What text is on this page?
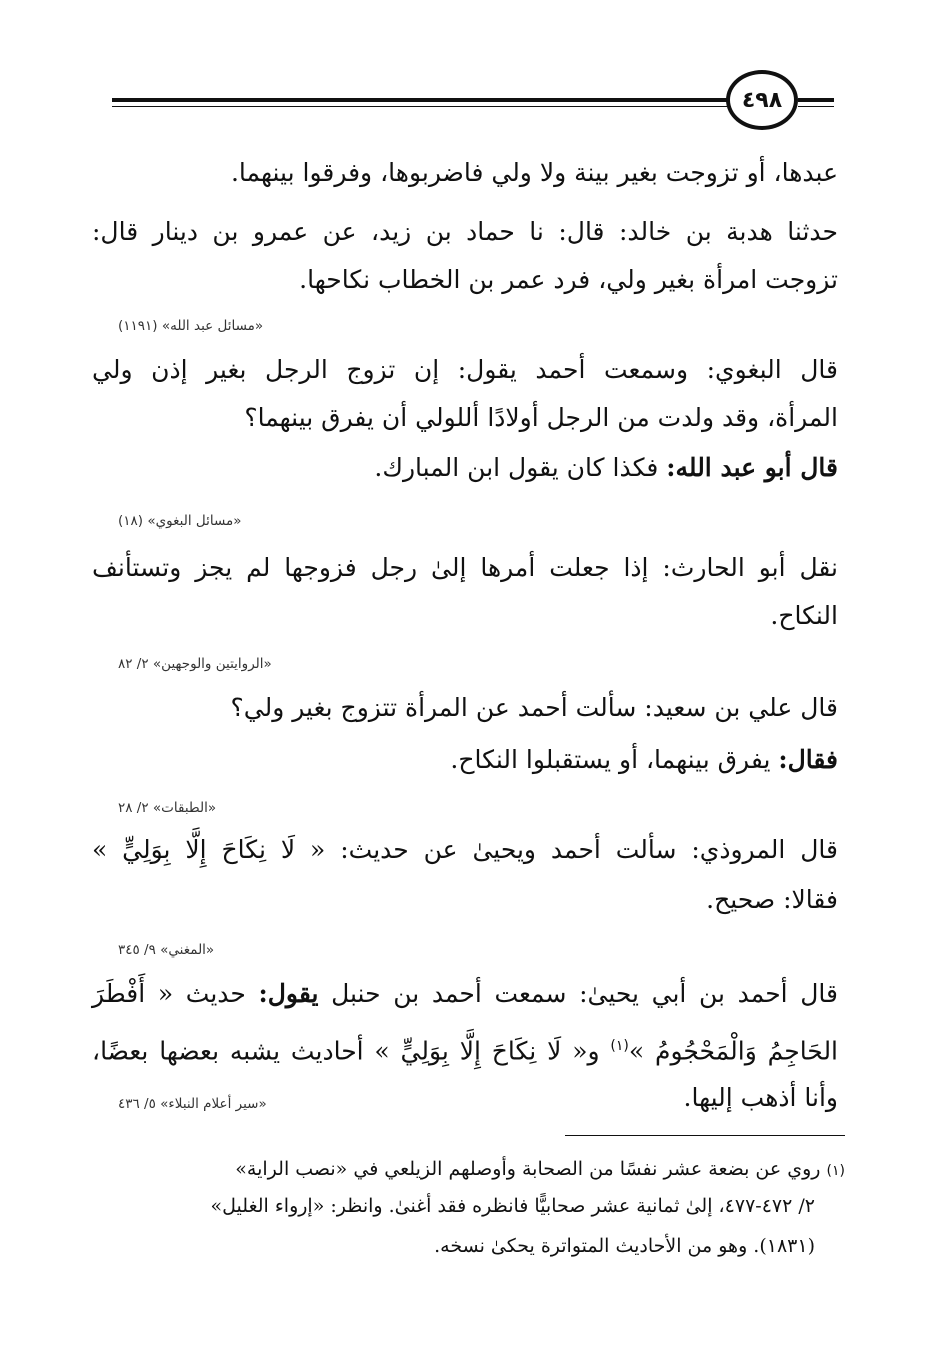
٤٩٨
عبدها، أو تزوجت بغير بينة ولا ولي فاضربوها، وفرقوا بينهما.
حدثنا هدبة بن خالد: قال: نا حماد بن زيد، عن عمرو بن دينار قال:
تزوجت امرأة بغير ولي، فرد عمر بن الخطاب نكاحها.
«مسائل عبد الله» (١١٩١)
قال البغوي: وسمعت أحمد يقول: إن تزوج الرجل بغير إذن ولي
المرأة، وقد ولدت من الرجل أولادًا أللولي أن يفرق بينهما؟
قال أبو عبد الله: فكذا كان يقول ابن المبارك.
«مسائل البغوي» (١٨)
نقل أبو الحارث: إذا جعلت أمرها إلىٰ رجل فزوجها لم يجز وتستأنف
النكاح.
«الروايتين والوجهين» ٢/ ٨٢
قال علي بن سعيد: سألت أحمد عن المرأة تتزوج بغير ولي؟
فقال: يفرق بينهما، أو يستقبلوا النكاح.
«الطبقات» ٢/ ٢٨
قال المروذي: سألت أحمد ويحيىٰ عن حديث: « لَا نِكَاحَ إِلَّا بِوَلِيٍّ »
فقالا: صحيح.
«المغني» ٩/ ٣٤٥
قال أحمد بن أبي يحيىٰ: سمعت أحمد بن حنبل يقول: حديث « أَفْطَرَ
الحَاجِمُ وَالْمَحْجُومُ »$^{(١)}$ و« لَا نِكَاحَ إِلَّا بِوَلِيٍّ » أحاديث يشبه بعضها بعضًا،
وأنا أذهب إليها.
«سير أعلام النبلاء» ٥/ ٤٣٦
(١) روي عن بضعة عشر نفسًا من الصحابة وأوصلهم الزيلعي في «نصب الراية»
٢/ ٤٧٢-٤٧٧، إلىٰ ثمانية عشر صحابيًّا فانظره فقد أغنىٰ. وانظر: «إرواء الغليل»
(١٨٣١). وهو من الأحاديث المتواترة يحكىٰ نسخه.
